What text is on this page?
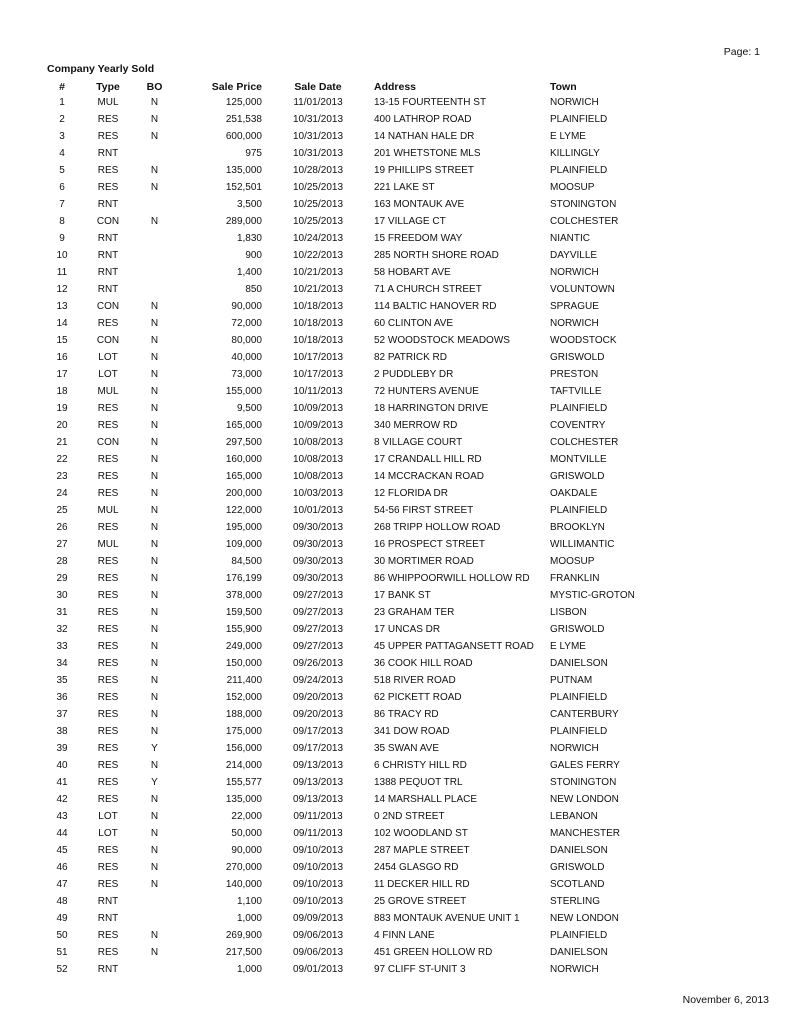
Page: 1
Company Yearly Sold
	#	Type	BO	Sale Price	Sale Date	Address	Town
	1	MUL	N	125,000	11/01/2013	13-15 FOURTEENTH ST	NORWICH
	2	RES	N	251,538	10/31/2013	400 LATHROP ROAD	PLAINFIELD
	3	RES	N	600,000	10/31/2013	14 NATHAN HALE DR	E LYME
	4	RNT		975	10/31/2013	201 WHETSTONE MLS	KILLINGLY
	5	RES	N	135,000	10/28/2013	19 PHILLIPS STREET	PLAINFIELD
	6	RES	N	152,501	10/25/2013	221 LAKE ST	MOOSUP
	7	RNT		3,500	10/25/2013	163 MONTAUK AVE	STONINGTON
	8	CON	N	289,000	10/25/2013	17 VILLAGE CT	COLCHESTER
	9	RNT		1,830	10/24/2013	15 FREEDOM WAY	NIANTIC
	10	RNT		900	10/22/2013	285 NORTH SHORE ROAD	DAYVILLE
	11	RNT		1,400	10/21/2013	58 HOBART AVE	NORWICH
	12	RNT		850	10/21/2013	71 A CHURCH STREET	VOLUNTOWN
	13	CON	N	90,000	10/18/2013	114 BALTIC HANOVER RD	SPRAGUE
	14	RES	N	72,000	10/18/2013	60 CLINTON AVE	NORWICH
	15	CON	N	80,000	10/18/2013	52 WOODSTOCK MEADOWS	WOODSTOCK
	16	LOT	N	40,000	10/17/2013	82 PATRICK RD	GRISWOLD
	17	LOT	N	73,000	10/17/2013	2 PUDDLEBY DR	PRESTON
	18	MUL	N	155,000	10/11/2013	72 HUNTERS AVENUE	TAFTVILLE
	19	RES	N	9,500	10/09/2013	18 HARRINGTON DRIVE	PLAINFIELD
	20	RES	N	165,000	10/09/2013	340 MERROW RD	COVENTRY
	21	CON	N	297,500	10/08/2013	8 VILLAGE COURT	COLCHESTER
	22	RES	N	160,000	10/08/2013	17 CRANDALL HILL RD	MONTVILLE
	23	RES	N	165,000	10/08/2013	14 MCCRACKAN ROAD	GRISWOLD
	24	RES	N	200,000	10/03/2013	12 FLORIDA DR	OAKDALE
	25	MUL	N	122,000	10/01/2013	54-56 FIRST STREET	PLAINFIELD
	26	RES	N	195,000	09/30/2013	268 TRIPP HOLLOW ROAD	BROOKLYN
	27	MUL	N	109,000	09/30/2013	16 PROSPECT STREET	WILLIMANTIC
	28	RES	N	84,500	09/30/2013	30 MORTIMER ROAD	MOOSUP
	29	RES	N	176,199	09/30/2013	86 WHIPPOORWILL HOLLOW RD	FRANKLIN
	30	RES	N	378,000	09/27/2013	17 BANK ST	MYSTIC-GROTON
	31	RES	N	159,500	09/27/2013	23 GRAHAM TER	LISBON
	32	RES	N	155,900	09/27/2013	17 UNCAS DR	GRISWOLD
	33	RES	N	249,000	09/27/2013	45 UPPER PATTAGANSETT ROAD	E LYME
	34	RES	N	150,000	09/26/2013	36 COOK HILL ROAD	DANIELSON
	35	RES	N	211,400	09/24/2013	518 RIVER ROAD	PUTNAM
	36	RES	N	152,000	09/20/2013	62 PICKETT ROAD	PLAINFIELD
	37	RES	N	188,000	09/20/2013	86 TRACY RD	CANTERBURY
	38	RES	N	175,000	09/17/2013	341 DOW ROAD	PLAINFIELD
	39	RES	Y	156,000	09/17/2013	35 SWAN AVE	NORWICH
	40	RES	N	214,000	09/13/2013	6 CHRISTY HILL RD	GALES FERRY
	41	RES	Y	155,577	09/13/2013	1388 PEQUOT TRL	STONINGTON
	42	RES	N	135,000	09/13/2013	14 MARSHALL PLACE	NEW LONDON
	43	LOT	N	22,000	09/11/2013	0 2ND STREET	LEBANON
	44	LOT	N	50,000	09/11/2013	102 WOODLAND ST	MANCHESTER
	45	RES	N	90,000	09/10/2013	287 MAPLE STREET	DANIELSON
	46	RES	N	270,000	09/10/2013	2454 GLASGO RD	GRISWOLD
	47	RES	N	140,000	09/10/2013	11 DECKER HILL RD	SCOTLAND
	48	RNT		1,100	09/10/2013	25 GROVE STREET	STERLING
	49	RNT		1,000	09/09/2013	883 MONTAUK AVENUE UNIT 1	NEW LONDON
	50	RES	N	269,900	09/06/2013	4 FINN LANE	PLAINFIELD
	51	RES	N	217,500	09/06/2013	451 GREEN HOLLOW RD	DANIELSON
	52	RNT		1,000	09/01/2013	97 CLIFF ST-UNIT 3	NORWICH
November 6, 2013
